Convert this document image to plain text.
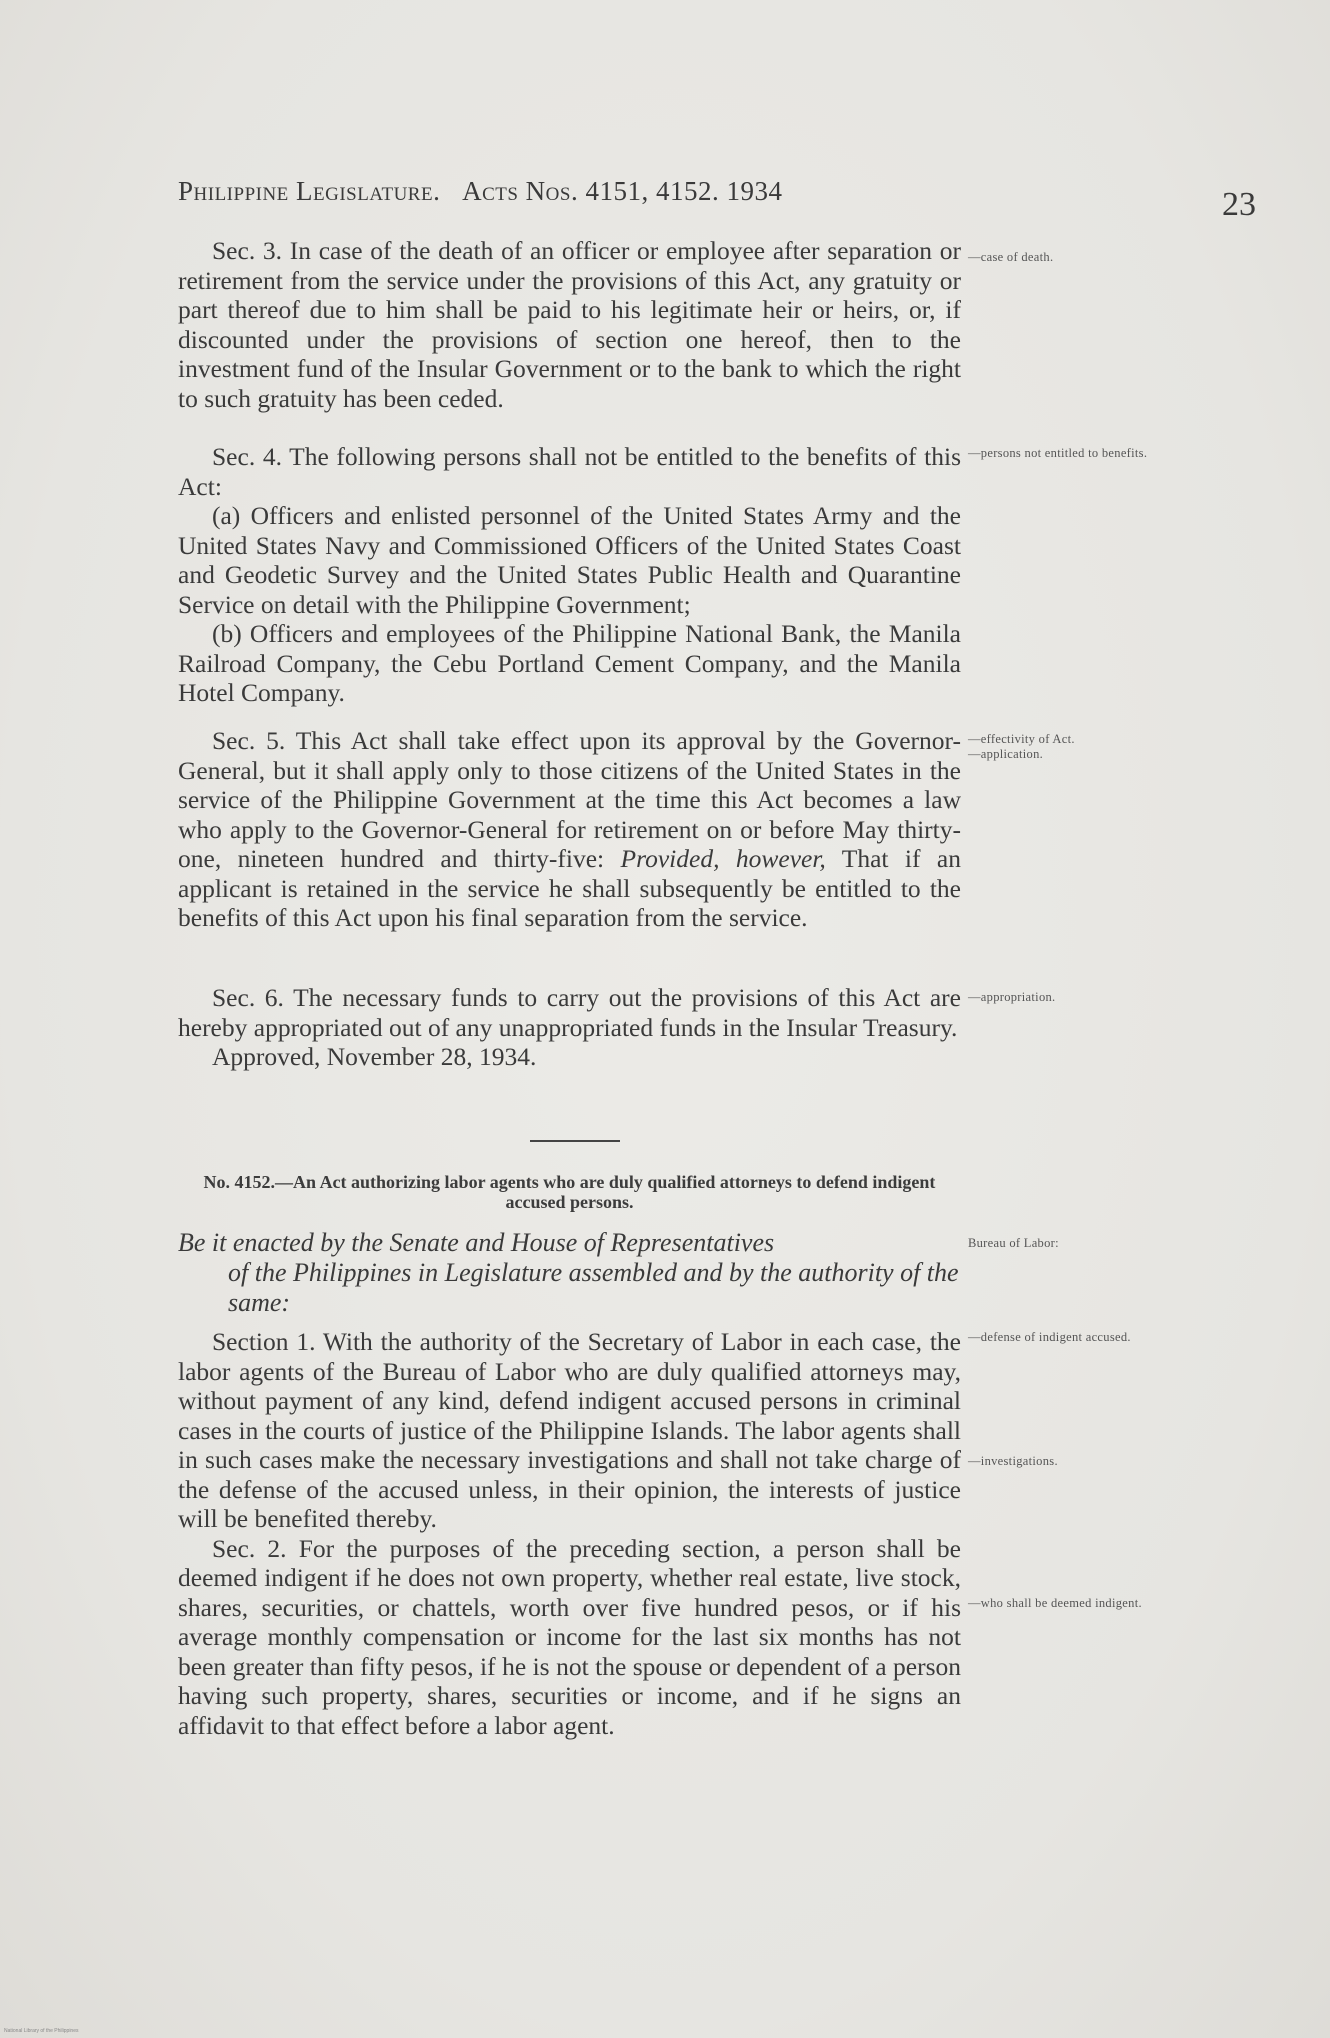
Philippine Legislature. Acts Nos. 4151, 4152. 1934	23

Sec. 3. In case of the death of an officer or employee after separation or retirement from the service under the provisions of this Act, any gratuity or part thereof due to him shall be paid to his legitimate heir or heirs, or, if discounted under the provisions of section one hereof, then to the investment fund of the Insular Government or to the bank to which the right to such gratuity has been ceded.

—case of death.

Sec. 4. The following persons shall not be entitled to the benefits of this Act:

(a) Officers and enlisted personnel of the United States Army and the United States Navy and Commissioned Officers of the United States Coast and Geodetic Survey and the United States Public Health and Quarantine Service on detail with the Philippine Government;

(b) Officers and employees of the Philippine National Bank, the Manila Railroad Company, the Cebu Portland Cement Company, and the Manila Hotel Company.

—persons not entitled to benefits.

Sec. 5. This Act shall take effect upon its approval by the Governor-General, but it shall apply only to those citizens of the United States in the service of the Philippine Government at the time this Act becomes a law who apply to the Governor-General for retirement on or before May thirty-one, nineteen hundred and thirty-five: Provided, however, That if an applicant is retained in the service he shall subsequently be entitled to the benefits of this Act upon his final separation from the service.

—effectivity of Act.
—application.

Sec. 6. The necessary funds to carry out the provisions of this Act are hereby appropriated out of any unappropriated funds in the Insular Treasury.

Approved, November 28, 1934.

—appropriation.
No. 4152.—An Act authorizing labor agents who are duly qualified attorneys to defend indigent accused persons.
Be it enacted by the Senate and House of Representatives
of the Philippines in Legislature assembled and by the authority of the same:
Bureau of Labor:

Section 1. With the authority of the Secretary of Labor in each case, the labor agents of the Bureau of Labor who are duly qualified attorneys may, without payment of any kind, defend indigent accused persons in criminal cases in the courts of justice of the Philippine Islands. The labor agents shall in such cases make the necessary investigations and shall not take charge of the defense of the accused unless, in their opinion, the interests of justice will be benefited thereby.

Sec. 2. For the purposes of the preceding section, a person shall be deemed indigent if he does not own property, whether real estate, live stock, shares, securities, or chattels, worth over five hundred pesos, or if his average monthly compensation or income for the last six months has not been greater than fifty pesos, if he is not the spouse or dependent of a person having such property, shares, securities or income, and if he signs an affidavit to that effect before a labor agent.

—defense of indigent accused.
—investigations.
—who shall be deemed indigent.
National Library of the Philippines
